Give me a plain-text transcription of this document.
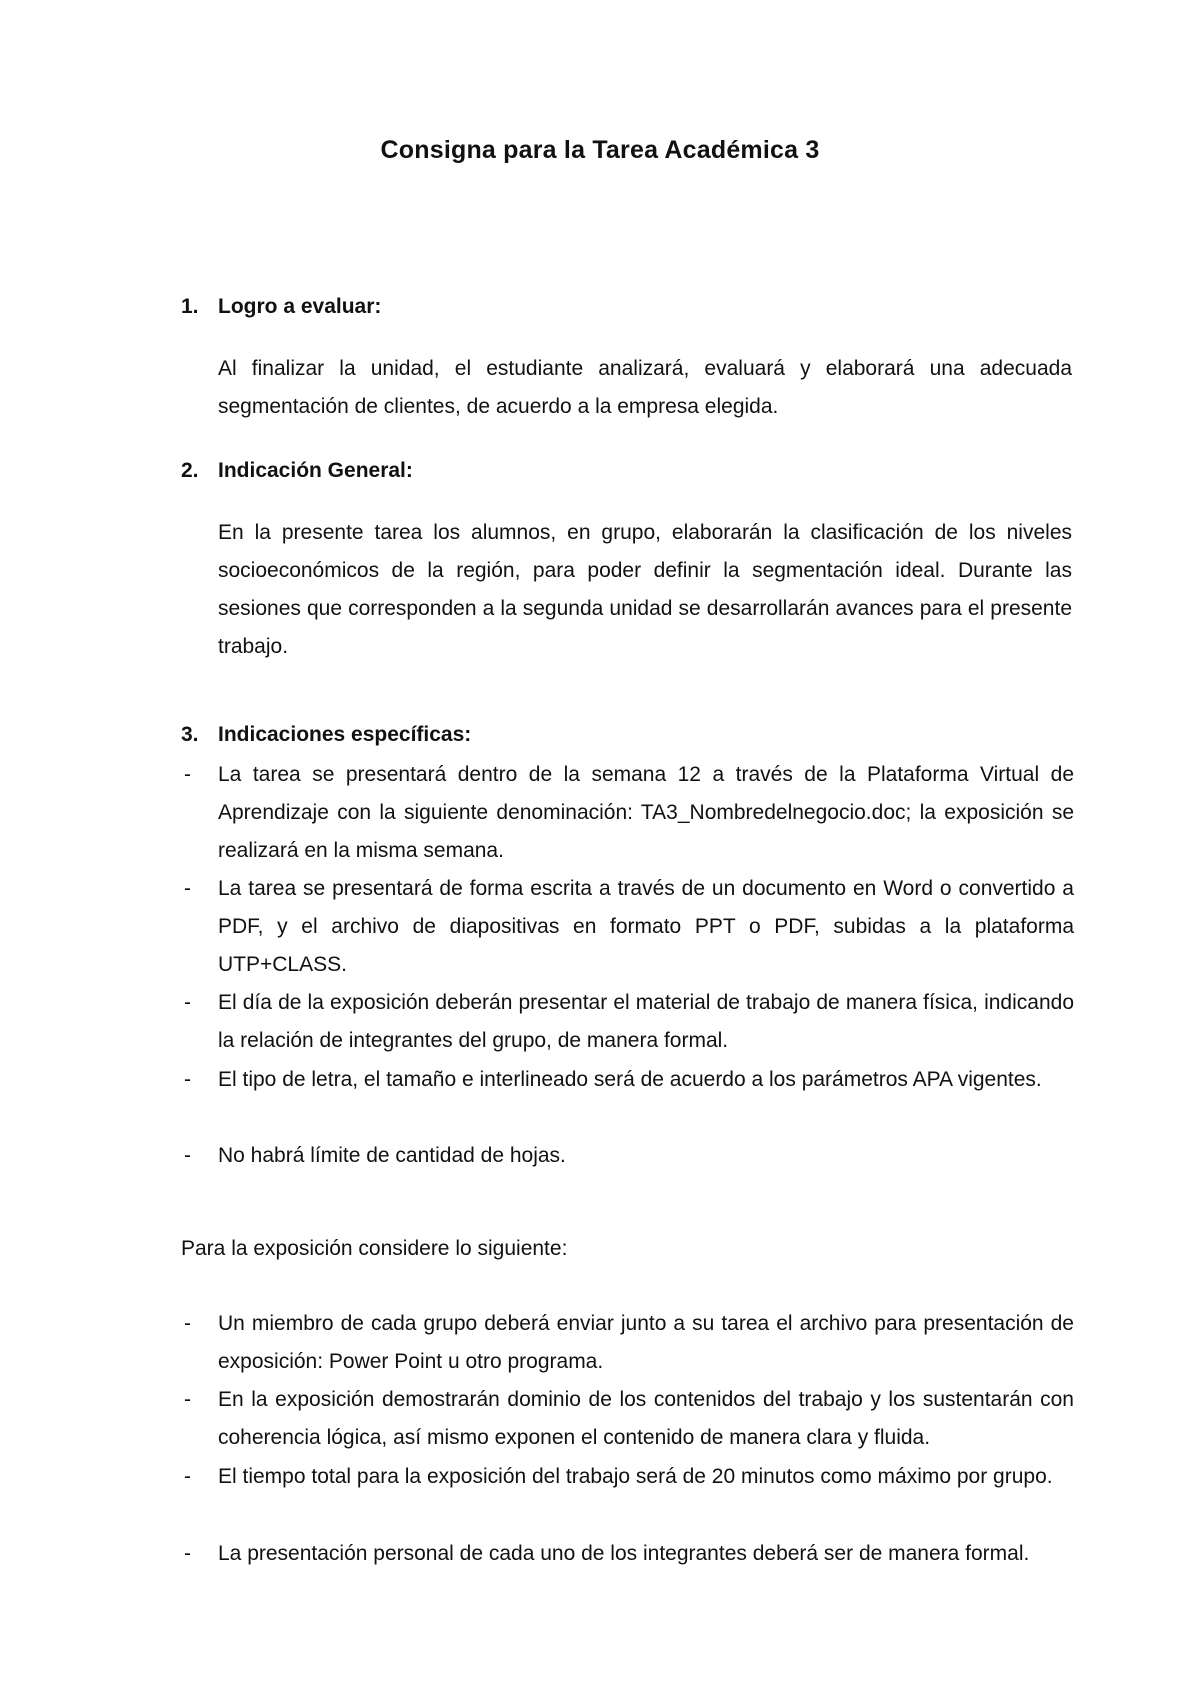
Consigna para la Tarea Académica 3
1. Logro a evaluar:

Al finalizar la unidad, el estudiante analizará, evaluará y elaborará una adecuada segmentación de clientes, de acuerdo a la empresa elegida.

2. Indicación General:

En la presente tarea los alumnos, en grupo, elaborarán la clasificación de los niveles socioeconómicos de la región, para poder definir la segmentación ideal. Durante las sesiones que corresponden a la segunda unidad se desarrollarán avances para el presente trabajo.

3. Indicaciones específicas:
- La tarea se presentará dentro de la semana 12 a través de la Plataforma Virtual de Aprendizaje con la siguiente denominación: TA3_Nombredelnegocio.doc; la exposición se realizará en la misma semana.
- La tarea se presentará de forma escrita a través de un documento en Word o convertido a PDF, y el archivo de diapositivas en formato PPT o PDF, subidas a la plataforma UTP+CLASS.
- El día de la exposición deberán presentar el material de trabajo de manera física, indicando la relación de integrantes del grupo, de manera formal.
- El tipo de letra, el tamaño e interlineado será de acuerdo a los parámetros APA vigentes.
- No habrá límite de cantidad de hojas.
Para la exposición considere lo siguiente:
- Un miembro de cada grupo deberá enviar junto a su tarea el archivo para presentación de exposición: Power Point u otro programa.
- En la exposición demostrarán dominio de los contenidos del trabajo y los sustentarán con coherencia lógica, así mismo exponen el contenido de manera clara y fluida.
- El tiempo total para la exposición del trabajo será de 20 minutos como máximo por grupo.
- La presentación personal de cada uno de los integrantes deberá ser de manera formal.
